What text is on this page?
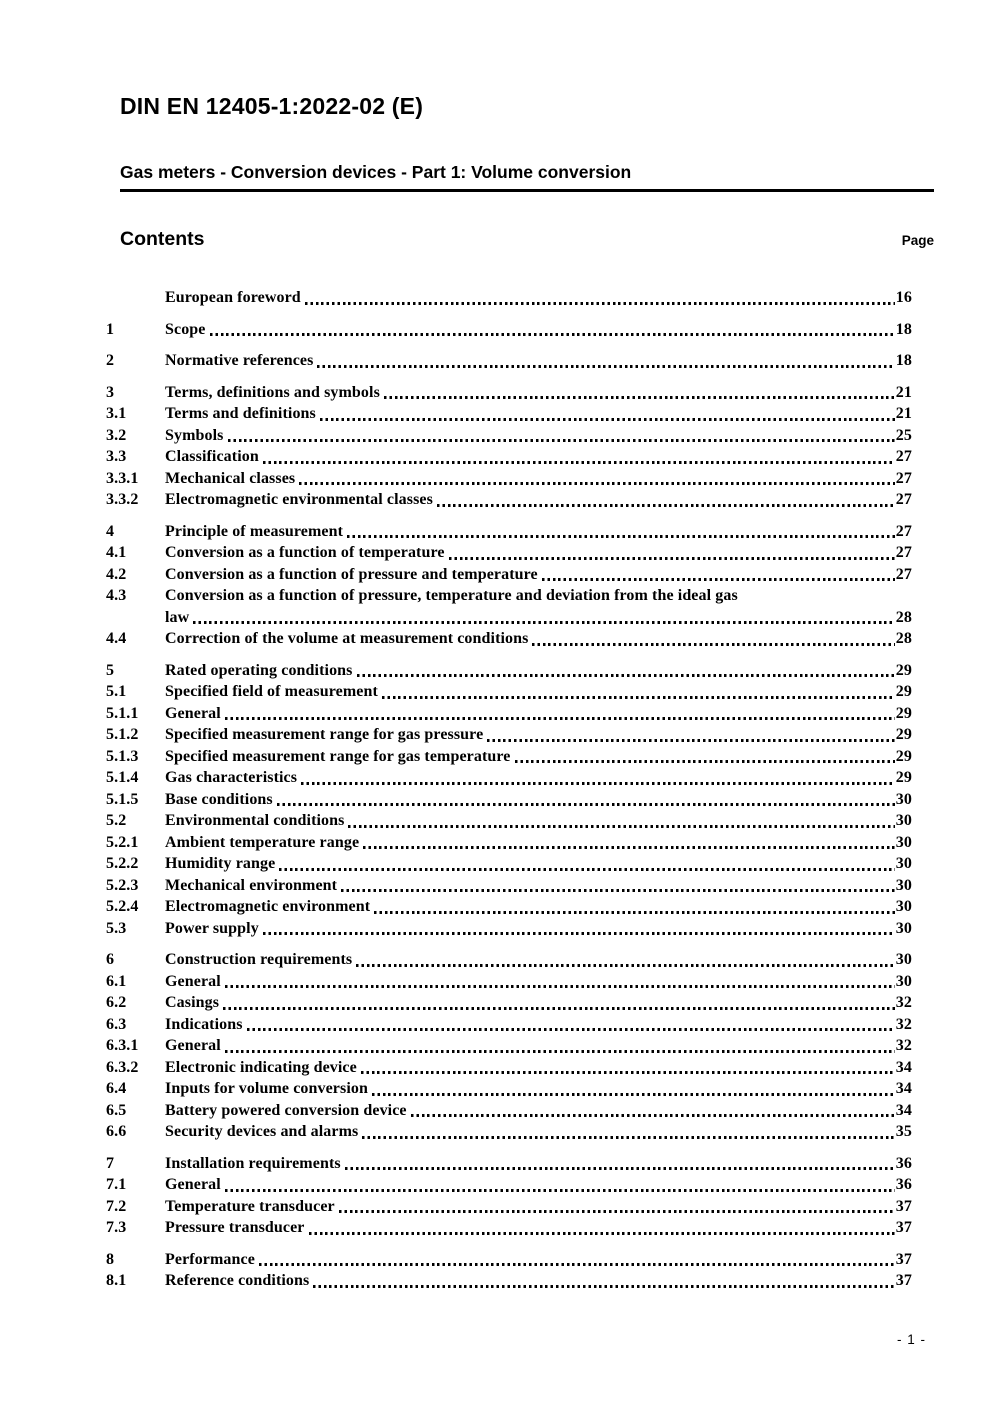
DIN EN 12405-1:2022-02 (E)
Gas meters - Conversion devices - Part 1: Volume conversion
Contents	Page
European foreword	16
1	Scope	18
2	Normative references	18
3	Terms, definitions and symbols	21
3.1	Terms and definitions	21
3.2	Symbols	25
3.3	Classification	27
3.3.1	Mechanical classes	27
3.3.2	Electromagnetic environmental classes	27
4	Principle of measurement	27
4.1	Conversion as a function of temperature	27
4.2	Conversion as a function of pressure and temperature	27
4.3	Conversion as a function of pressure, temperature and deviation from the ideal gas
law	28
4.4	Correction of the volume at measurement conditions	28
5	Rated operating conditions	29
5.1	Specified field of measurement	29
5.1.1	General	29
5.1.2	Specified measurement range for gas pressure	29
5.1.3	Specified measurement range for gas temperature	29
5.1.4	Gas characteristics	29
5.1.5	Base conditions	30
5.2	Environmental conditions	30
5.2.1	Ambient temperature range	30
5.2.2	Humidity range	30
5.2.3	Mechanical environment	30
5.2.4	Electromagnetic environment	30
5.3	Power supply	30
6	Construction requirements	30
6.1	General	30
6.2	Casings	32
6.3	Indications	32
6.3.1	General	32
6.3.2	Electronic indicating device	34
6.4	Inputs for volume conversion	34
6.5	Battery powered conversion device	34
6.6	Security devices and alarms	35
7	Installation requirements	36
7.1	General	36
7.2	Temperature transducer	37
7.3	Pressure transducer	37
8	Performance	37
8.1	Reference conditions	37
- 1 -
